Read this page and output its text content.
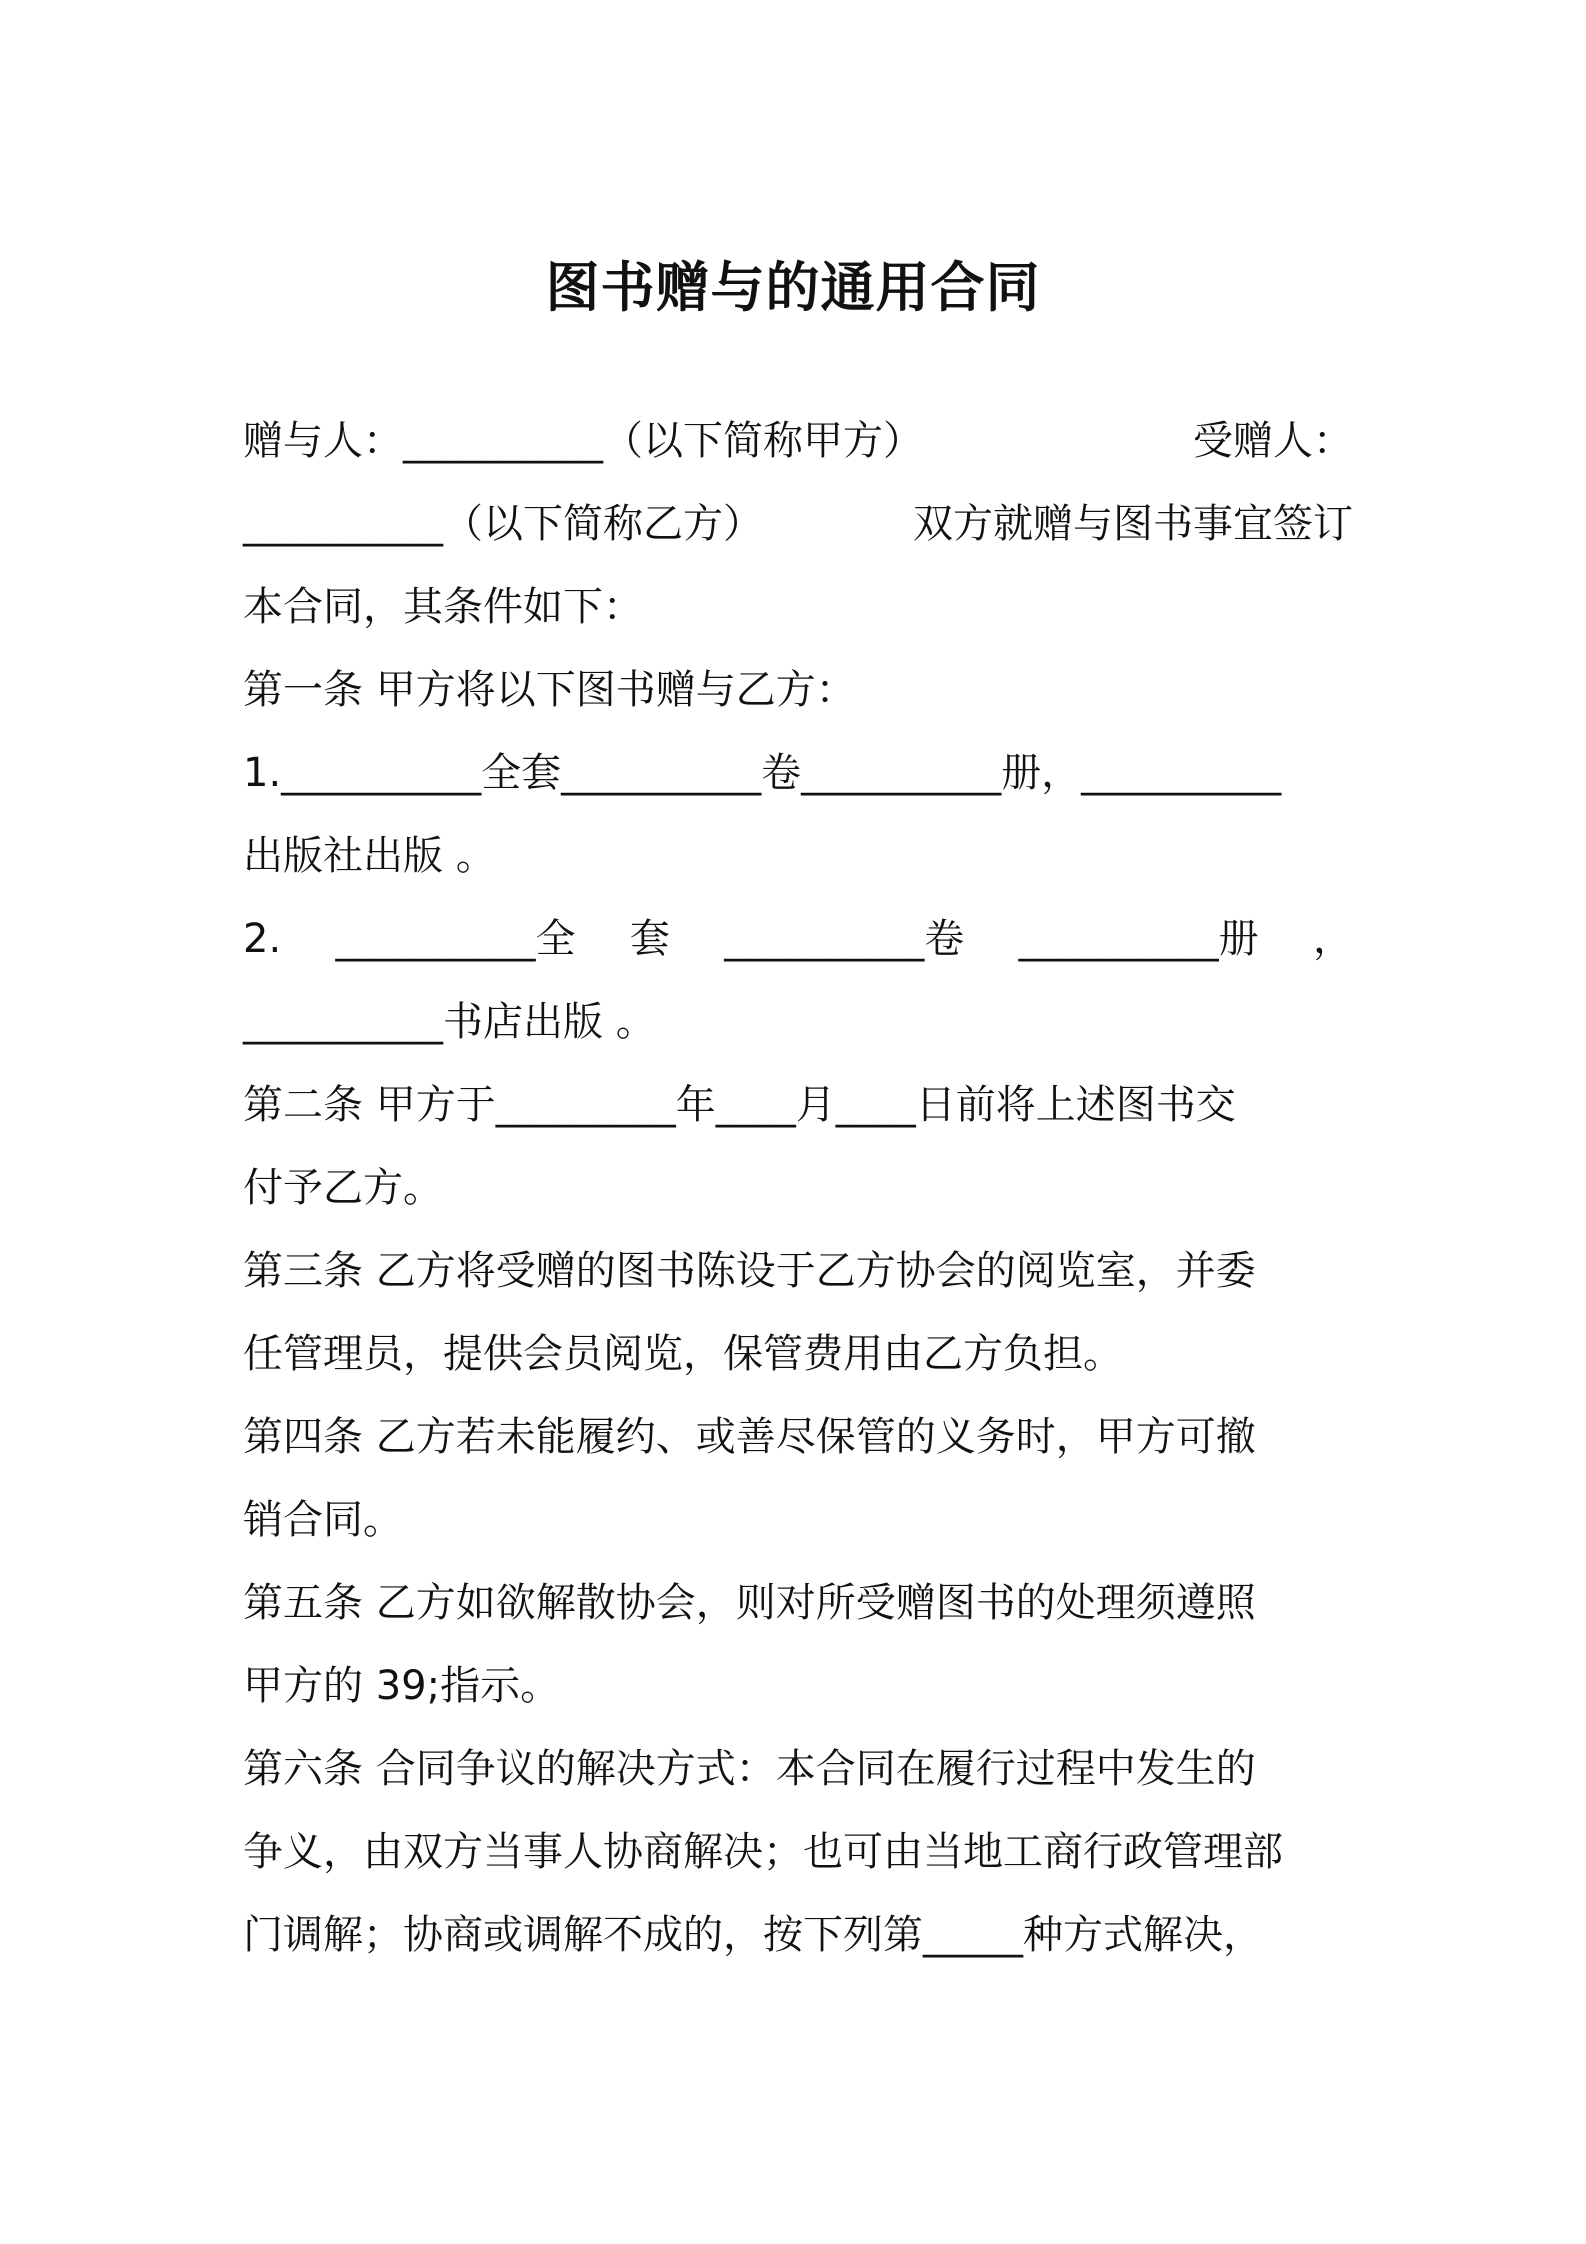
图书赠与的通用合同
赠与人：__________（以下简称甲方）	受赠人：
__________（以下简称乙方）	双方就赠与图书事宜签订
本合同，其条件如下：
第一条 甲方将以下图书赠与乙方：
1.__________全套__________卷__________册，__________
出版社出版 。
2. __________全 套 __________卷 __________册 ，
__________书店出版 。
第二条 甲方于_________年____月____日前将上述图书交
付予乙方。
第三条 乙方将受赠的图书陈设于乙方协会的阅览室，并委
任管理员，提供会员阅览，保管费用由乙方负担。
第四条 乙方若未能履约、或善尽保管的义务时，甲方可撤
销合同。
第五条 乙方如欲解散协会，则对所受赠图书的处理须遵照
甲方的 39;指示。
第六条 合同争议的解决方式：本合同在履行过程中发生的
争义，由双方当事人协商解决；也可由当地工商行政管理部
门调解；协商或调解不成的，按下列第_____种方式解决，
